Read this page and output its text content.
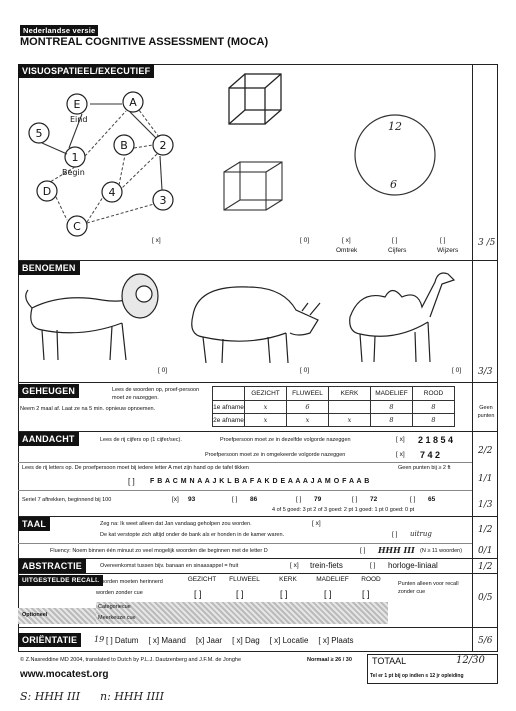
Nederlandse versie
MONTREAL COGNITIVE ASSESSMENT (MOCA)
VISUOSPATIEEL/EXECUTIEF
E	A
5
B	2
1
D	4
3
C
Eind
Begin
[ x]	[ 0]
12
6
[ x]	[ ]	[ ]
Omtrek	Cijfers	Wijzers
3 /5
BENOEMEN
[ 0]	[ 0]	[ 0] 3/3
GEHEUGEN	Lees de woorden op, proef-persoon moet ze nazeggen.
Neem 2 maal af. Laat ze na 5 min. opnieuw opnoemen.
	GEZICHT	FLUWEEL	KERK	MADELIEF	ROOD
1e afname	x	6		8	8
2e afname	x	x	x	8	8
Geen punten
AANDACHT	Lees de rij cijfers op (1 cijfer/sec).	Proefpersoon moet ze in dezelfde volgorde nazeggen	[ x] 2 1 8 5 4
Proefpersoon moet ze in omgekeerde volgorde nazeggen	[ x] 7 4 2	2/2
Lees de rij letters op. De proefpersoon moet bij iedere letter A met zijn hand op de tafel tikken	Geen punten bij ≥ 2 ft
[ ] F B A C M N A A J K L B A F A K D E A A A J A M O F A A B	1/1
Seriel 7 aftrekken, beginnend bij 100	[x] 93	[ ] 86	[ ] 79	[ ] 72	[ ] 65
4 of 5 goed: 3 pt 2 of 3 goed: 2 pt 1 goed: 1 pt 0 goed: 0 pt	1/3
TAAL	Zeg na: Ik weet alleen dat Jan vandaag geholpen zou worden.	[ x]
De kat verstopte zich altijd onder de bank als er honden in de kamer waren.	[ ] uitrug	1/2
Fluency: Noem binnen één minuut zo veel mogelijk woorden die beginnen met de letter D	[ ] HHH III (N ≥ 11 woorden) 0/1
ABSTRACTIE	Overeenkomst tussen bijv. banaan en sinaasappel = fruit	[ x] trein-fiets	[ ] horloge-liniaal	1/2
UITGESTELDE RECALL
Woorden moeten herinnerd worden zonder cue
GEZICHT	FLUWEEL	KERK	MADELIEF	ROOD
[ ]	[ ]	[ ]	[ ]	[ ]
Punten alleen voor recall zonder cue
Optioneel
Categoriecue
Meerkeuze cue
0/5
ORIËNTATIE	19 [ ] Datum [ x] Maand [x] Jaar [ x] Dag [ x] Locatie [ x] Plaats	5/6
© Z.Nasreddine MD 2004, translated to Dutch by P.L.J. Dautzenberg and J.F.M. de Jonghe	Normaal ≥ 26 / 30 TOTAAL	12/30
Tel er 1 pt bij op indien ≤ 12 jr opleiding
www.mocatest.org
S: HHH III n: HHH IIII
